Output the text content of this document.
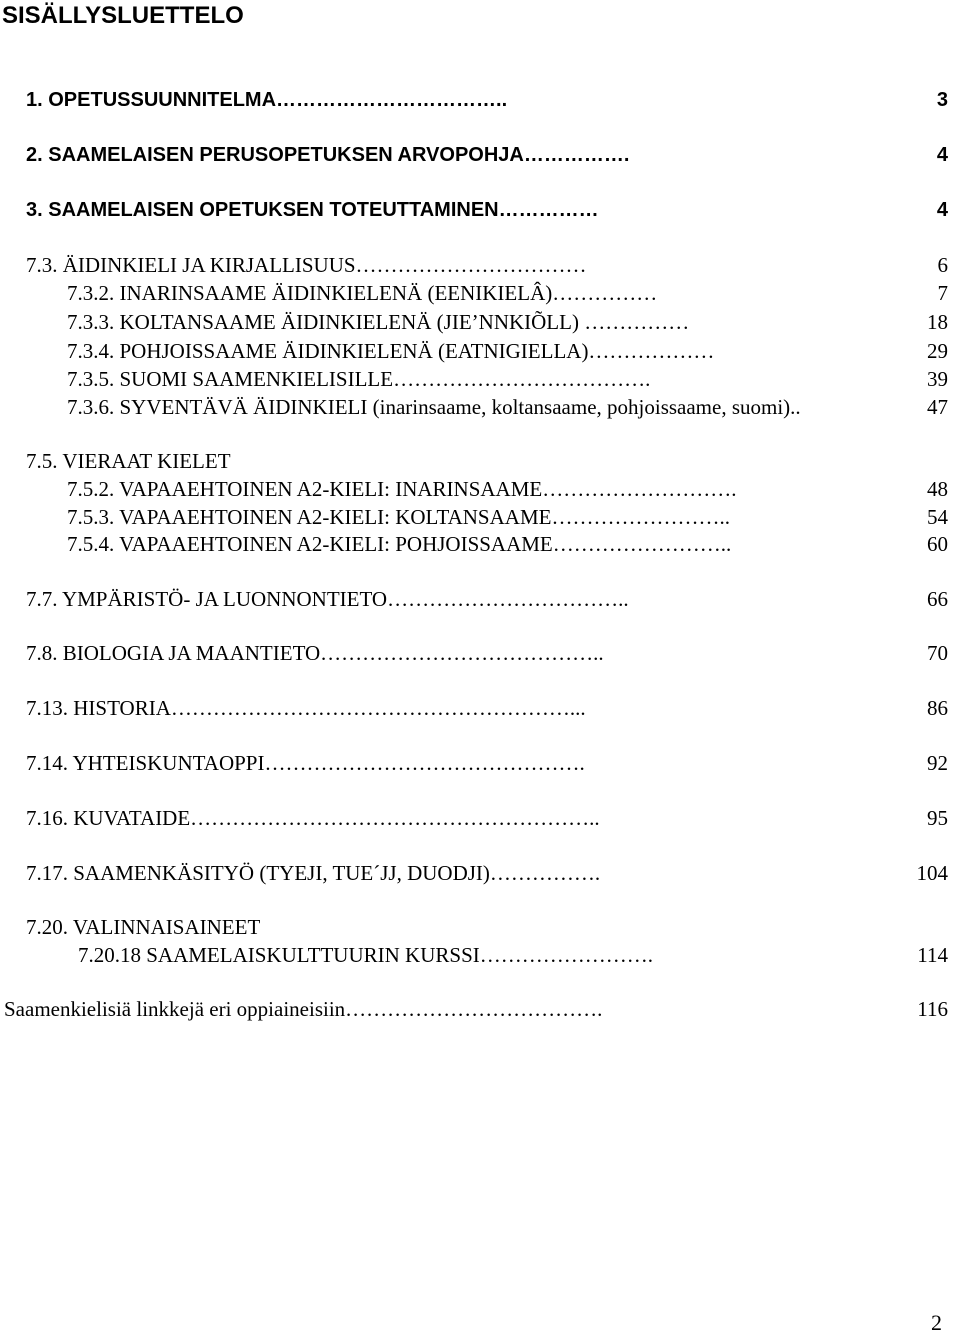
SISÄLLYSLUETTELO
1. OPETUSSUUNNITELMA……………………………..	3
2. SAAMELAISEN PERUSOPETUKSEN ARVOPOHJA…………….	4
3. SAAMELAISEN OPETUKSEN TOTEUTTAMINEN……………	4
7.3. ÄIDINKIELI JA KIRJALLISUUS……………………………	6
7.3.2. INARINSAAME ÄIDINKIELENÄ (EENIKIELÂ)……………	7
7.3.3. KOLTANSAAME ÄIDINKIELENÄ (JIE’NNKIÕLL) ……………	18
7.3.4. POHJOISSAAME ÄIDINKIELENÄ (EATNIGIELLA)………………	29
7.3.5. SUOMI SAAMENKIELISILLE……………………………….	39
7.3.6. SYVENTÄVÄ ÄIDINKIELI (inarinsaame, koltansaame, pohjoissaame, suomi)..	47
7.5. VIERAAT KIELET
7.5.2. VAPAAEHTOINEN A2-KIELI: INARINSAAME……………………….	48
7.5.3. VAPAAEHTOINEN A2-KIELI: KOLTANSAAME……………………..	54
7.5.4. VAPAAEHTOINEN A2-KIELI: POHJOISSAAME……………………..	60
7.7. YMPÄRISTÖ- JA LUONNONTIETO……………………………..	66
7.8. BIOLOGIA JA MAANTIETO…………………………………..	70
7.13. HISTORIA…………………………………………………...	86
7.14. YHTEISKUNTAOPPI……………………………………….	92
7.16. KUVATAIDE…………………………………………………..	95
7.17. SAAMENKÄSITYÖ (TYEJI, TUE´JJ, DUODJI)…………….	104
7.20. VALINNAISAINEET
7.20.18 SAAMELAISKULTTUURIN KURSSI…………………….	114
Saamenkielisiä linkkejä eri oppiaineisiin……………………………….	116
2
